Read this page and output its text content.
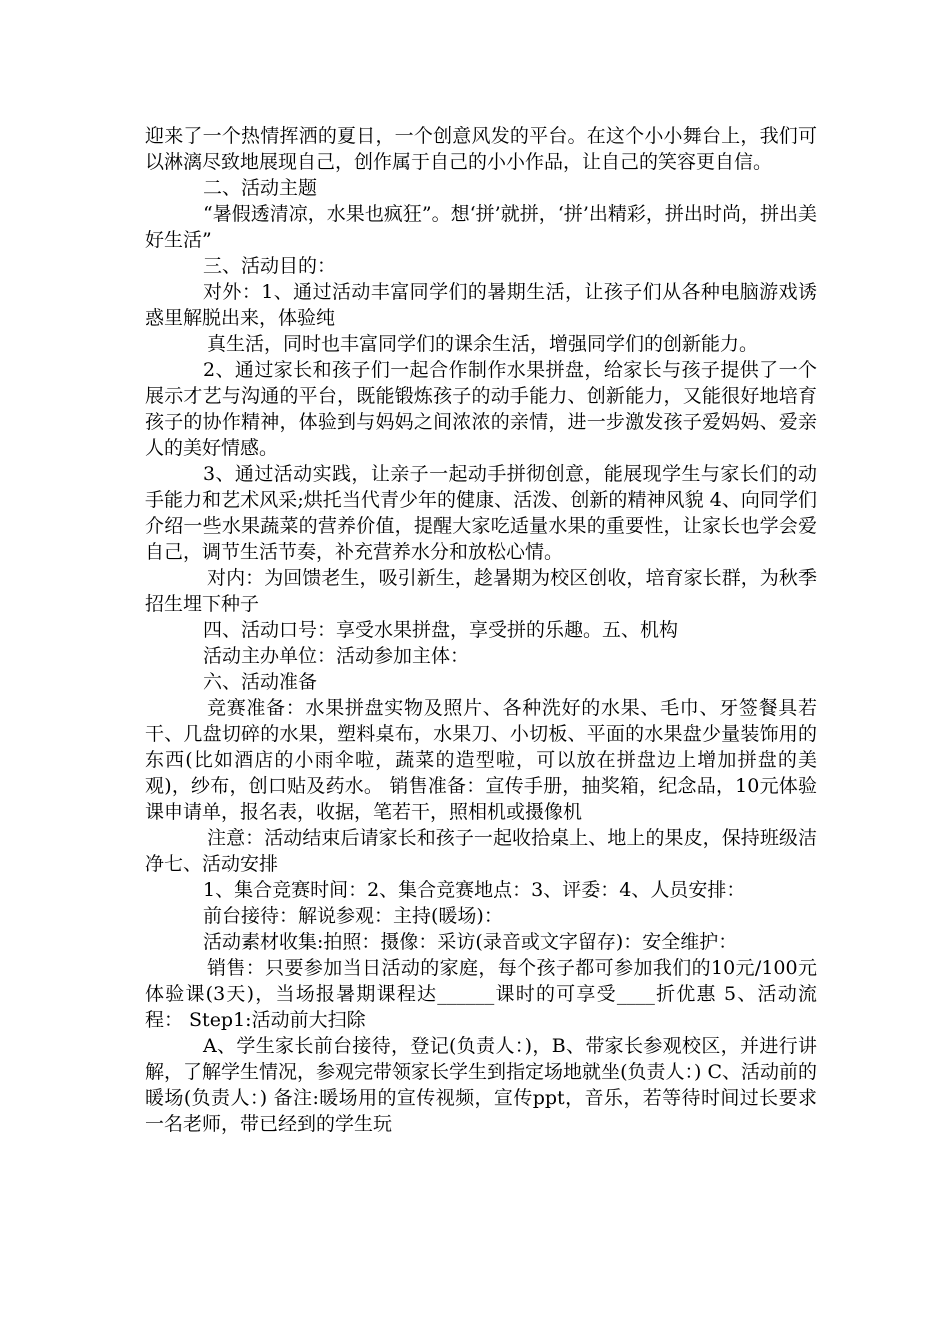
迎来了一个热情挥洒的夏日，一个创意风发的平台。在这个小小舞台上，我们可以淋漓尽致地展现自己，创作属于自己的小小作品，让自己的笑容更自信。

二、活动主题

“暑假透清凉，水果也疯狂”。想‘拼’就拼，‘拼’出精彩，拼出时尚，拼出美好生活”

三、活动目的：

对外：1、通过活动丰富同学们的暑期生活，让孩子们从各种电脑游戏诱惑里解脱出来，体验纯

真生活，同时也丰富同学们的课余生活，增强同学们的创新能力。

2、通过家长和孩子们一起合作制作水果拼盘，给家长与孩子提供了一个展示才艺与沟通的平台，既能锻炼孩子的动手能力、创新能力，又能很好地培育孩子的协作精神，体验到与妈妈之间浓浓的亲情，进一步激发孩子爱妈妈、爱亲人的美好情感。

3、通过活动实践，让亲子一起动手拼彻创意，能展现学生与家长们的动手能力和艺术风采;烘托当代青少年的健康、活泼、创新的精神风貌 4、向同学们介绍一些水果蔬菜的营养价值，提醒大家吃适量水果的重要性，让家长也学会爱自己，调节生活节奏，补充营养水分和放松心情。

对内：为回馈老生，吸引新生，趁暑期为校区创收，培育家长群，为秋季招生埋下种子

四、活动口号：享受水果拼盘，享受拼的乐趣。五、机构

活动主办单位：活动参加主体：

六、活动准备

竞赛准备：水果拼盘实物及照片、各种洗好的水果、毛巾、牙签餐具若干、几盘切碎的水果，塑料桌布，水果刀、小切板、平面的水果盘少量装饰用的东西(比如酒店的小雨伞啦，蔬菜的造型啦，可以放在拼盘边上增加拼盘的美观)，纱布，创口贴及药水。 销售准备：宣传手册，抽奖箱，纪念品，10元体验课申请单，报名表，收据，笔若干，照相机或摄像机

注意：活动结束后请家长和孩子一起收拾桌上、地上的果皮，保持班级洁净七、活动安排

1、集合竞赛时间：2、集合竞赛地点：3、评委：4、人员安排：

前台接待：解说参观：主持(暖场)：

活动素材收集:拍照：摄像：采访(录音或文字留存)：安全维护：

销售：只要参加当日活动的家庭，每个孩子都可参加我们的10元/100元体验课(3天)，当场报暑期课程达______课时的可享受____折优惠 5、活动流程： Step1:活动前大扫除

A、学生家长前台接待，登记(负责人：)，B、带家长参观校区，并进行讲解，了解学生情况，参观完带领家长学生到指定场地就坐(负责人：) C、活动前的暖场(负责人：) 备注:暖场用的宣传视频，宣传ppt，音乐，若等待时间过长要求一名老师，带已经到的学生玩
